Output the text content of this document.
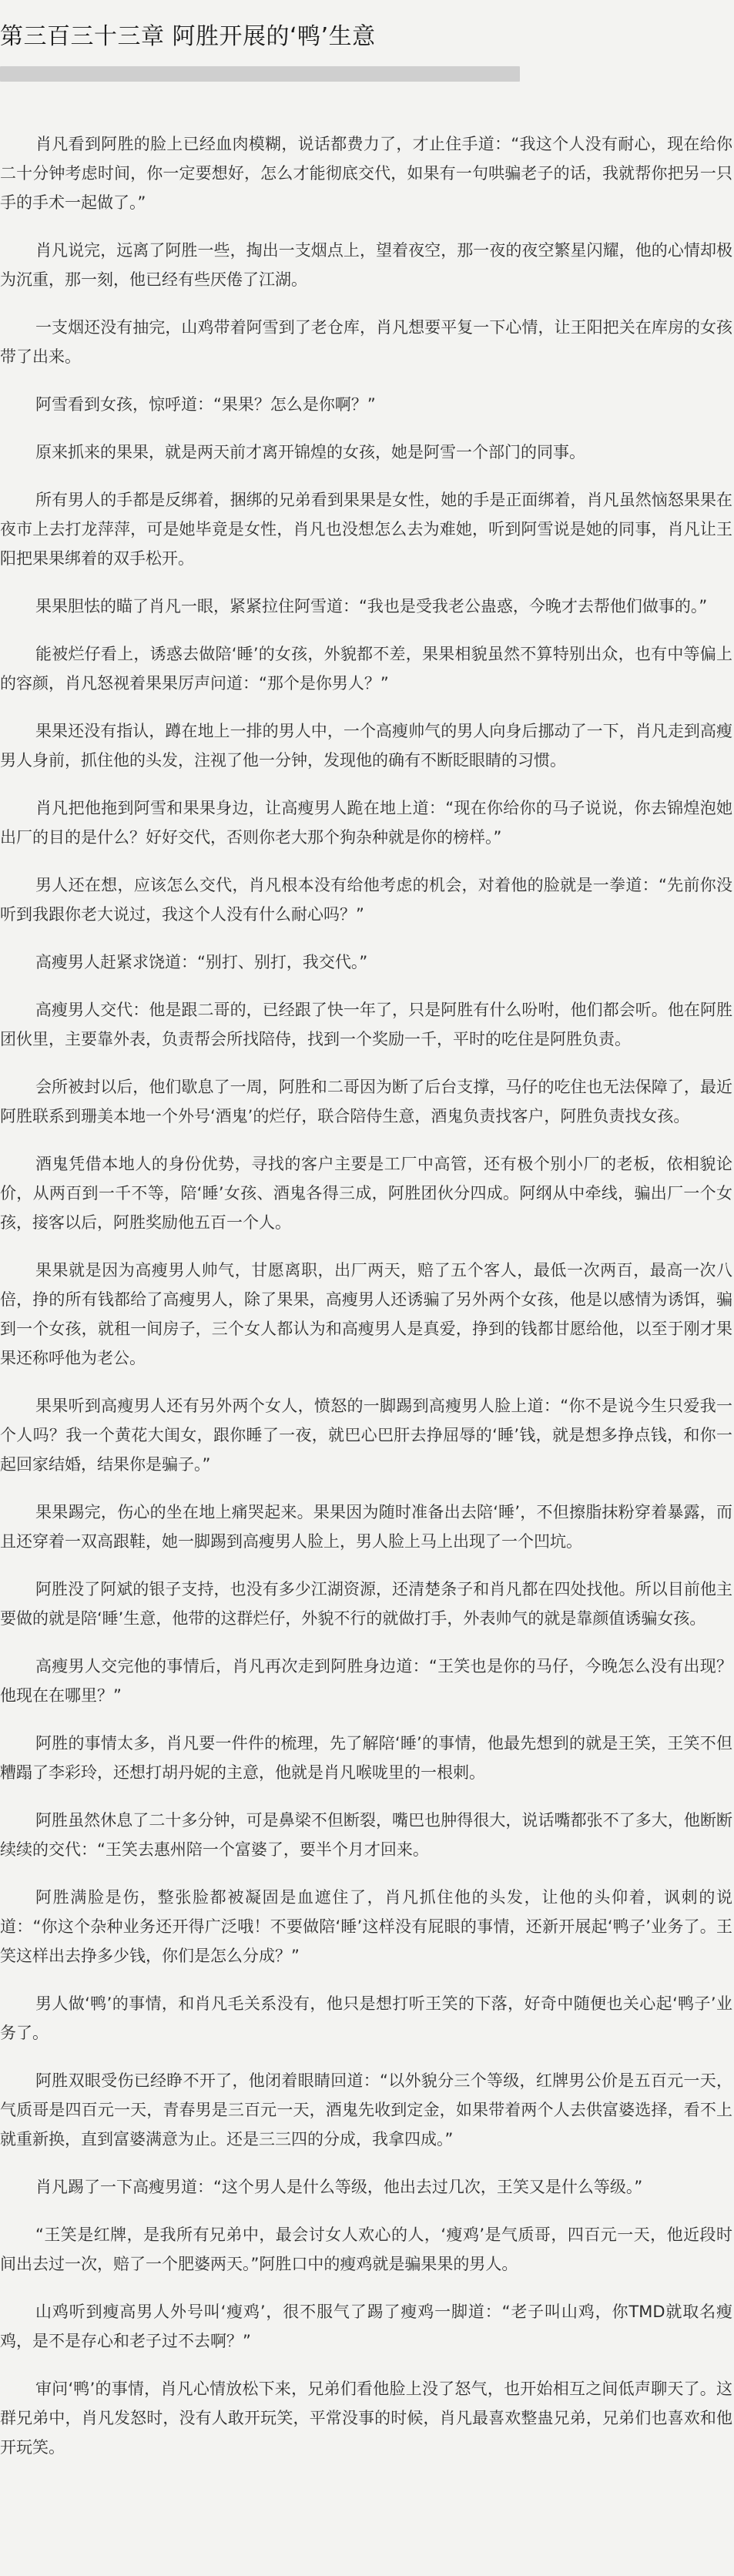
第三百三十三章 阿胜开展的‘鸭’生意

肖凡看到阿胜的脸上已经血肉模糊，说话都费力了，才止住手道：“我这个人没有耐心，现在给你二十分钟考虑时间，你一定要想好，怎么才能彻底交代，如果有一句哄骗老子的话，我就帮你把另一只手的手术一起做了。”

肖凡说完，远离了阿胜一些，掏出一支烟点上，望着夜空，那一夜的夜空繁星闪耀，他的心情却极为沉重，那一刻，他已经有些厌倦了江湖。

一支烟还没有抽完，山鸡带着阿雪到了老仓库，肖凡想要平复一下心情，让王阳把关在库房的女孩带了出来。

阿雪看到女孩，惊呼道：“果果？怎么是你啊？”

原来抓来的果果，就是两天前才离开锦煌的女孩，她是阿雪一个部门的同事。

所有男人的手都是反绑着，捆绑的兄弟看到果果是女性，她的手是正面绑着，肖凡虽然恼怒果果在夜市上去打龙萍萍，可是她毕竟是女性，肖凡也没想怎么去为难她，听到阿雪说是她的同事，肖凡让王阳把果果绑着的双手松开。

果果胆怯的瞄了肖凡一眼，紧紧拉住阿雪道：“我也是受我老公蛊惑，今晚才去帮他们做事的。”

能被烂仔看上，诱惑去做陪‘睡’的女孩，外貌都不差，果果相貌虽然不算特别出众，也有中等偏上的容颜，肖凡怒视着果果厉声问道：“那个是你男人？”

果果还没有指认，蹲在地上一排的男人中，一个高瘦帅气的男人向身后挪动了一下，肖凡走到高瘦男人身前，抓住他的头发，注视了他一分钟，发现他的确有不断眨眼睛的习惯。

肖凡把他拖到阿雪和果果身边，让高瘦男人跪在地上道：“现在你给你的马子说说，你去锦煌泡她出厂的目的是什么？好好交代，否则你老大那个狗杂种就是你的榜样。”

男人还在想，应该怎么交代，肖凡根本没有给他考虑的机会，对着他的脸就是一拳道：“先前你没听到我跟你老大说过，我这个人没有什么耐心吗？”

高瘦男人赶紧求饶道：“别打、别打，我交代。”

高瘦男人交代：他是跟二哥的，已经跟了快一年了，只是阿胜有什么吩咐，他们都会听。他在阿胜团伙里，主要靠外表，负责帮会所找陪侍，找到一个奖励一千，平时的吃住是阿胜负责。

会所被封以后，他们歇息了一周，阿胜和二哥因为断了后台支撑，马仔的吃住也无法保障了，最近阿胜联系到珊美本地一个外号‘酒鬼’的烂仔，联合陪侍生意，酒鬼负责找客户，阿胜负责找女孩。

酒鬼凭借本地人的身份优势，寻找的客户主要是工厂中高管，还有极个别小厂的老板，依相貌论价，从两百到一千不等，陪‘睡’女孩、酒鬼各得三成，阿胜团伙分四成。阿纲从中牵线，骗出厂一个女孩，接客以后，阿胜奖励他五百一个人。

果果就是因为高瘦男人帅气，甘愿离职，出厂两天，赔了五个客人，最低一次两百，最高一次八倍，挣的所有钱都给了高瘦男人，除了果果，高瘦男人还诱骗了另外两个女孩，他是以感情为诱饵，骗到一个女孩，就租一间房子，三个女人都认为和高瘦男人是真爱，挣到的钱都甘愿给他，以至于刚才果果还称呼他为老公。

果果听到高瘦男人还有另外两个女人，愤怒的一脚踢到高瘦男人脸上道：“你不是说今生只爱我一个人吗？我一个黄花大闺女，跟你睡了一夜，就巴心巴肝去挣屈辱的‘睡’钱，就是想多挣点钱，和你一起回家结婚，结果你是骗子。”

果果踢完，伤心的坐在地上痛哭起来。果果因为随时准备出去陪‘睡’，不但擦脂抹粉穿着暴露，而且还穿着一双高跟鞋，她一脚踢到高瘦男人脸上，男人脸上马上出现了一个凹坑。

阿胜没了阿斌的银子支持，也没有多少江湖资源，还清楚条子和肖凡都在四处找他。所以目前他主要做的就是陪‘睡’生意，他带的这群烂仔，外貌不行的就做打手，外表帅气的就是靠颜值诱骗女孩。

高瘦男人交完他的事情后，肖凡再次走到阿胜身边道：“王笑也是你的马仔，今晚怎么没有出现？他现在在哪里？”

阿胜的事情太多，肖凡要一件件的梳理，先了解陪‘睡’的事情，他最先想到的就是王笑，王笑不但糟蹋了李彩玲，还想打胡丹妮的主意，他就是肖凡喉咙里的一根刺。

阿胜虽然休息了二十多分钟，可是鼻梁不但断裂，嘴巴也肿得很大，说话嘴都张不了多大，他断断续续的交代：“王笑去惠州陪一个富婆了，要半个月才回来。

阿胜满脸是伤，整张脸都被凝固是血遮住了，肖凡抓住他的头发，让他的头仰着，讽刺的说道：“你这个杂种业务还开得广泛哦！不要做陪‘睡’这样没有屁眼的事情，还新开展起‘鸭子’业务了。王笑这样出去挣多少钱，你们是怎么分成？”

男人做‘鸭’的事情，和肖凡毛关系没有，他只是想打听王笑的下落，好奇中随便也关心起‘鸭子’业务了。

阿胜双眼受伤已经睁不开了，他闭着眼睛回道：“以外貌分三个等级，红牌男公价是五百元一天，气质哥是四百元一天，青春男是三百元一天，酒鬼先收到定金，如果带着两个人去供富婆选择，看不上就重新换，直到富婆满意为止。还是三三四的分成，我拿四成。”

肖凡踢了一下高瘦男道：“这个男人是什么等级，他出去过几次，王笑又是什么等级。”

“王笑是红牌，是我所有兄弟中，最会讨女人欢心的人，‘瘦鸡’是气质哥，四百元一天，他近段时间出去过一次，赔了一个肥婆两天。”阿胜口中的瘦鸡就是骗果果的男人。

山鸡听到瘦高男人外号叫‘瘦鸡’，很不服气了踢了瘦鸡一脚道：“老子叫山鸡，你TMD就取名瘦鸡，是不是存心和老子过不去啊？”

审问‘鸭’的事情，肖凡心情放松下来，兄弟们看他脸上没了怒气，也开始相互之间低声聊天了。这群兄弟中，肖凡发怒时，没有人敢开玩笑，平常没事的时候，肖凡最喜欢整蛊兄弟，兄弟们也喜欢和他开玩笑。
